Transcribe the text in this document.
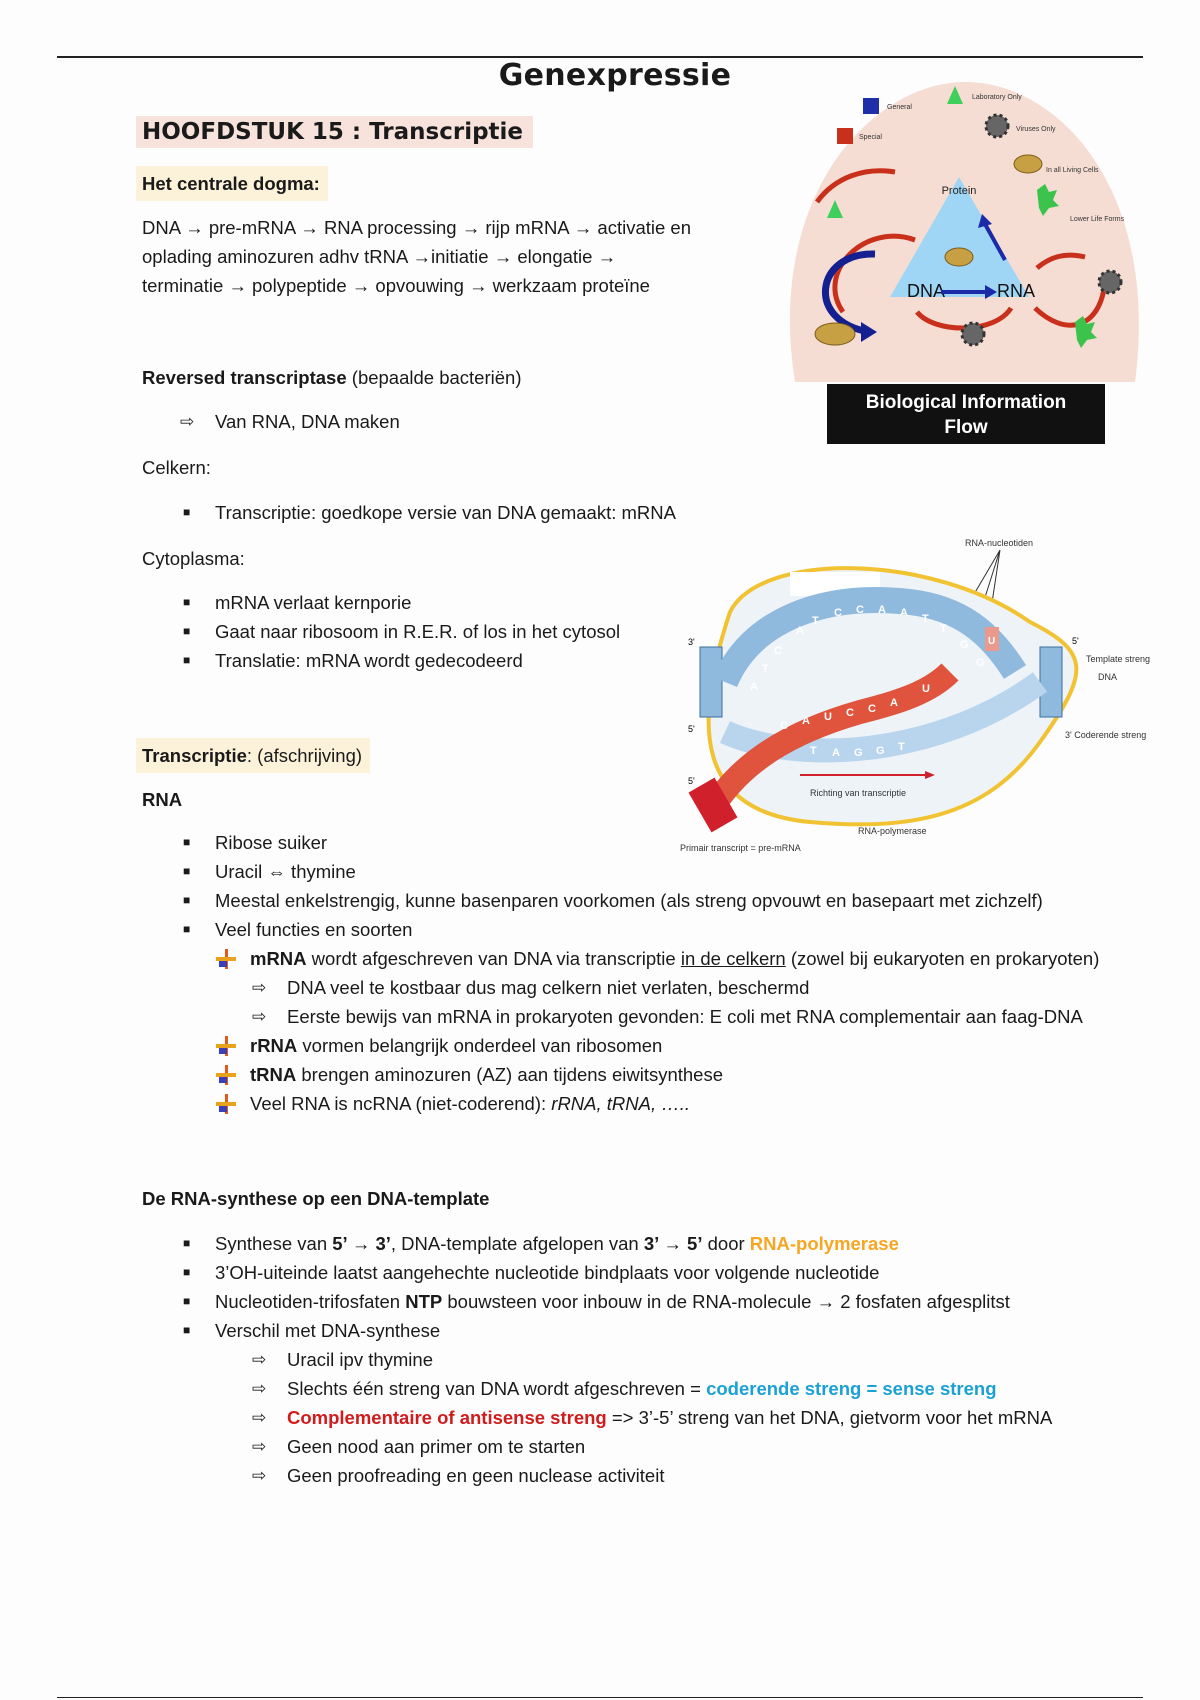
Genexpressie
HOOFDSTUK 15 : Transcriptie
Het centrale dogma:
DNA → pre-mRNA → RNA processing → rijp mRNA → activatie en
oplading aminozuren adhv tRNA →initiatie → elongatie →
terminatie → polypeptide → opvouwing → werkzaam proteïne
Reversed transcriptase (bepaalde bacteriën)
⇨ Van RNA, DNA maken
Celkern:
■ Transcriptie: goedkope versie van DNA gemaakt: mRNA
Cytoplasma:
■ mRNA verlaat kernporie
■ Gaat naar ribosoom in R.E.R. of los in het cytosol
■ Translatie: mRNA wordt gedecodeerd
Transcriptie: (afschrijving)
RNA
■ Ribose suiker
■ Uracil ⇔ thymine
■ Meestal enkelstrengig, kunne basenparen voorkomen (als streng opvouwt en basepaart met zichzelf)
■ Veel functies en soorten
mRNA wordt afgeschreven van DNA via transcriptie in de celkern (zowel bij eukaryoten en prokaryoten)
⇨ DNA veel te kostbaar dus mag celkern niet verlaten, beschermd
⇨ Eerste bewijs van mRNA in prokaryoten gevonden: E coli met RNA complementair aan faag-DNA
rRNA vormen belangrijk onderdeel van ribosomen
tRNA brengen aminozuren (AZ) aan tijdens eiwitsynthese
Veel RNA is ncRNA (niet-coderend): rRNA, tRNA, …..
De RNA-synthese op een DNA-template
■ Synthese van 5’ → 3’, DNA-template afgelopen van 3’ → 5’ door RNA-polymerase
■ 3’OH-uiteinde laatst aangehechte nucleotide bindplaats voor volgende nucleotide
■ Nucleotiden-trifosfaten NTP bouwsteen voor inbouw in de RNA-molecule → 2 fosfaten afgesplitst
■ Verschil met DNA-synthese
⇨ Uracil ipv thymine
⇨ Slechts één streng van DNA wordt afgeschreven = coderende streng = sense streng
⇨ Complementaire of antisense streng => 3’-5’ streng van het DNA, gietvorm voor het mRNA
⇨ Geen nood aan primer om te starten
⇨ Geen proofreading en geen nuclease activiteit
General
Special
Laboratory Only
Viruses Only
In all Living Cells
Lower Life Forms
Protein
DNA	RNA
Biological Information
Flow
RNA-nucleotiden
Ons gen
3'	5'
5'
5'
Template streng
DNA
3' Coderende streng
A
T
C
A
T
C C A A T
T
G
G
C A U C C A
U
T A G G T
U
Richting van transcriptie
RNA-polymerase
Primair transcript = pre-mRNA
